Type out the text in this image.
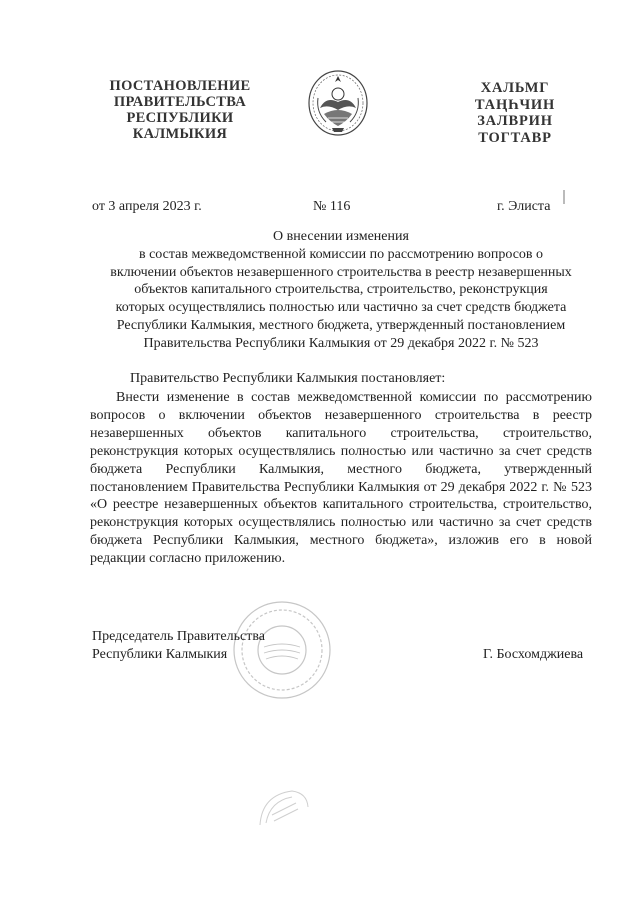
ПОСТАНОВЛЕНИЕ
ПРАВИТЕЛЬСТВА
РЕСПУБЛИКИ
КАЛМЫКИЯ
ХАЛЬМГ
ТАҢҺЧИН
ЗАЛВРИН
ТОГТАВР
от 3 апреля 2023 г.	№ 116	г. Элиста
О внесении изменения
в состав межведомственной комиссии по рассмотрению вопросов о
включении объектов незавершенного строительства в реестр незавершенных
объектов капитального строительства, строительство, реконструкция
которых осуществлялись полностью или частично за счет средств бюджета
Республики Калмыкия, местного бюджета, утвержденный постановлением
Правительства Республики Калмыкия от 29 декабря 2022 г. № 523
Правительство Республики Калмыкия постановляет:
Внести изменение в состав межведомственной комиссии по рассмотрению вопросов о включении объектов незавершенного строительства в реестр незавершенных объектов капитального строительства, строительство, реконструкция которых осуществлялись полностью или частично за счет средств бюджета Республики Калмыкия, местного бюджета, утвержденный постановлением Правительства Республики Калмыкия от 29 декабря 2022 г. № 523 «О реестре незавершенных объектов капитального строительства, строительство, реконструкция которых осуществлялись полностью или частично за счет средств бюджета Республики Калмыкия, местного бюджета», изложив его в новой редакции согласно приложению.
Председатель Правительства
Республики Калмыкия	Г. Босхомджиева
